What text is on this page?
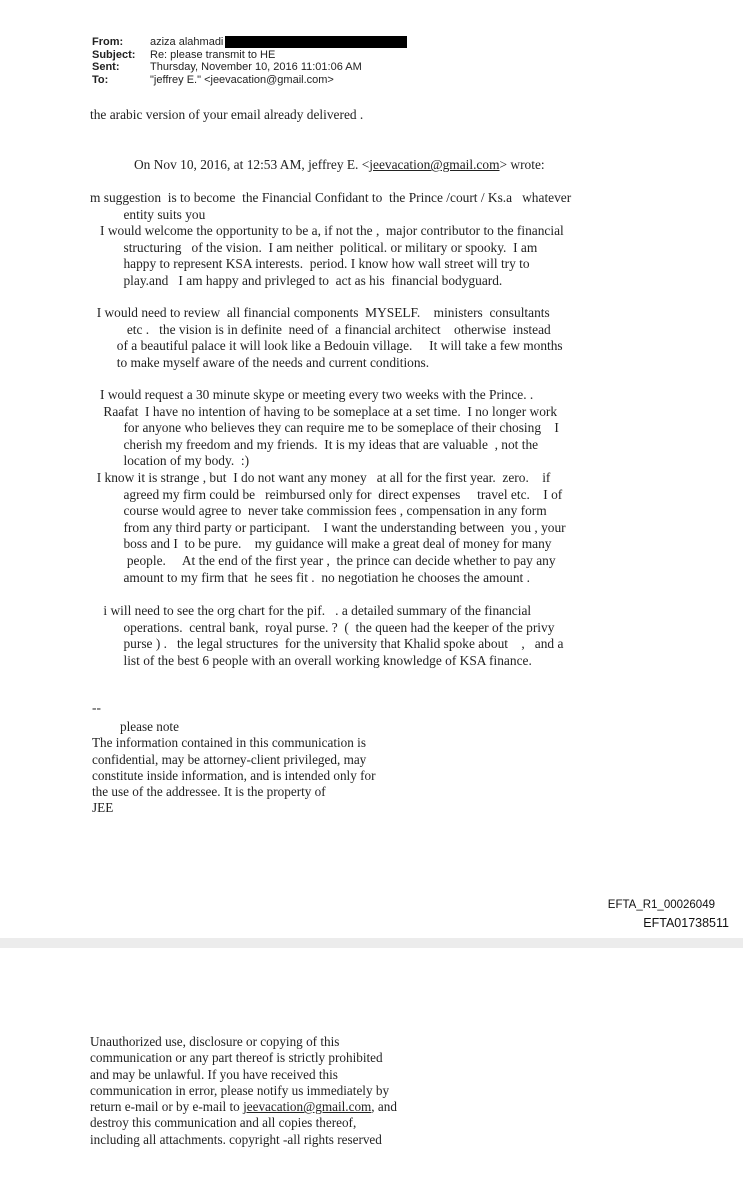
From:	aziza alahmadi
Subject:	Re: please transmit to HE
Sent:	Thursday, November 10, 2016 11:01:06 AM
To:	"jeffrey E." <jeevacation@gmail.com>
the arabic version of your email already delivered .
On Nov 10, 2016, at 12:53 AM, jeffrey E. <jeevacation@gmail.com> wrote:
m suggestion  is to become  the Financial Confidant to  the Prince /court / Ks.a   whatever
entity suits you
I would welcome the opportunity to be a, if not the ,  major contributor to the financial
structuring   of the vision.  I am neither  political. or military or spooky.  I am
happy to represent KSA interests.  period. I know how wall street will try to
play.and   I am happy and privleged to  act as his  financial bodyguard.
I would need to review  all financial components  MYSELF.    ministers  consultants
etc .   the vision is in definite  need of  a financial architect    otherwise  instead
of a beautiful palace it will look like a Bedouin village.     It will take a few months
to make myself aware of the needs and current conditions.
I would request a 30 minute skype or meeting every two weeks with the Prince. .
Raafat  I have no intention of having to be someplace at a set time.  I no longer work
for anyone who believes they can require me to be someplace of their chosing    I
cherish my freedom and my friends.  It is my ideas that are valuable  , not the
location of my body.  :)
I know it is strange , but  I do not want any money   at all for the first year.  zero.    if
agreed my firm could be   reimbursed only for  direct expenses     travel etc.    I of
course would agree to  never take commission fees , compensation in any form
from any third party or participant.    I want the understanding between  you , your
boss and I  to be pure.    my guidance will make a great deal of money for many
people.     At the end of the first year ,  the prince can decide whether to pay any
amount to my firm that  he sees fit .  no negotiation he chooses the amount .
i will need to see the org chart for the pif.   . a detailed summary of the financial
operations.  central bank,  royal purse. ?  (  the queen had the keeper of the privy
purse ) .   the legal structures  for the university that Khalid spoke about    ,   and a
list of the best 6 people with an overall working knowledge of KSA finance.
--
please note
The information contained in this communication is
confidential, may be attorney-client privileged, may
constitute inside information, and is intended only for
the use of the addressee. It is the property of
JEE
EFTA_R1_00026049
EFTA01738511
Unauthorized use, disclosure or copying of this
communication or any part thereof is strictly prohibited
and may be unlawful. If you have received this
communication in error, please notify us immediately by
return e-mail or by e-mail to jeevacation@gmail.com, and
destroy this communication and all copies thereof,
including all attachments. copyright -all rights reserved
